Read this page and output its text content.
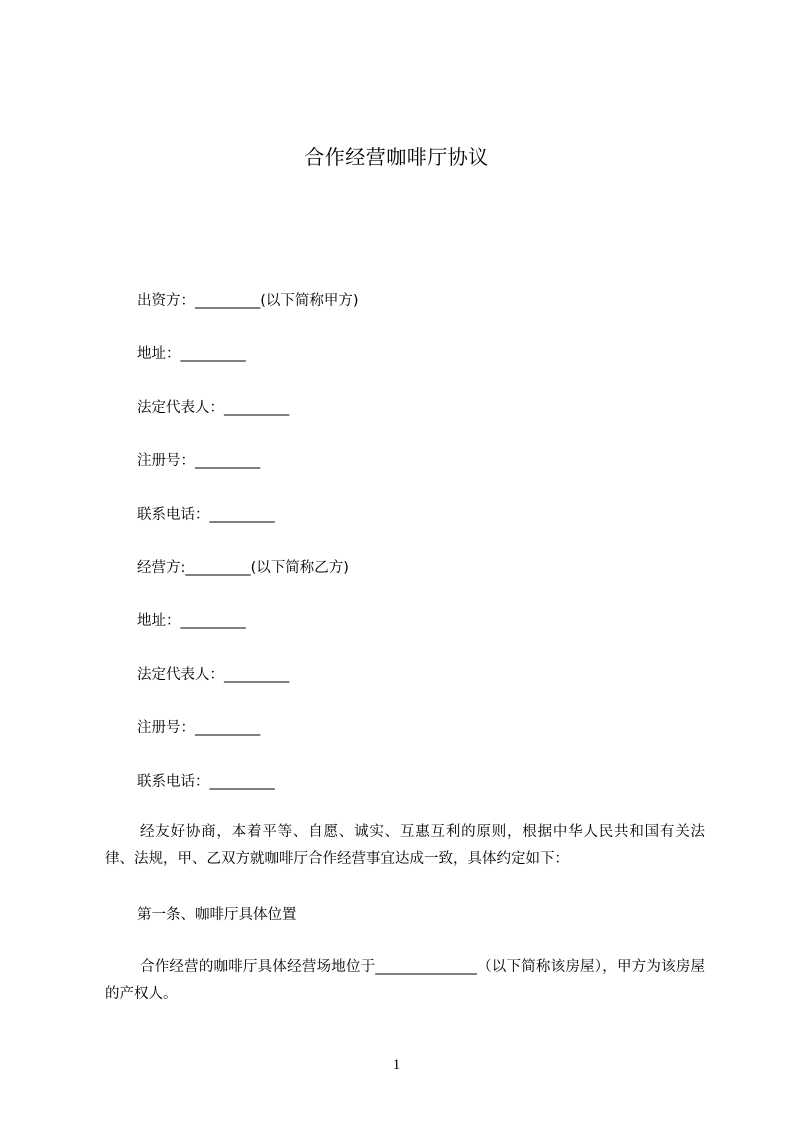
合作经营咖啡厅协议
出资方：_________(以下简称甲方)
地址：_________
法定代表人：_________
注册号：_________
联系电话：_________
经营方:_________(以下简称乙方)
地址：_________
法定代表人：_________
注册号：_________
联系电话：_________
经友好协商，本着平等、自愿、诚实、互惠互利的原则，根据中华人民共和国有关法律、法规，甲、乙双方就咖啡厅合作经营事宜达成一致，具体约定如下：
第一条、咖啡厅具体位置
合作经营的咖啡厅具体经营场地位于______________（以下简称该房屋），甲方为该房屋的产权人。
1
